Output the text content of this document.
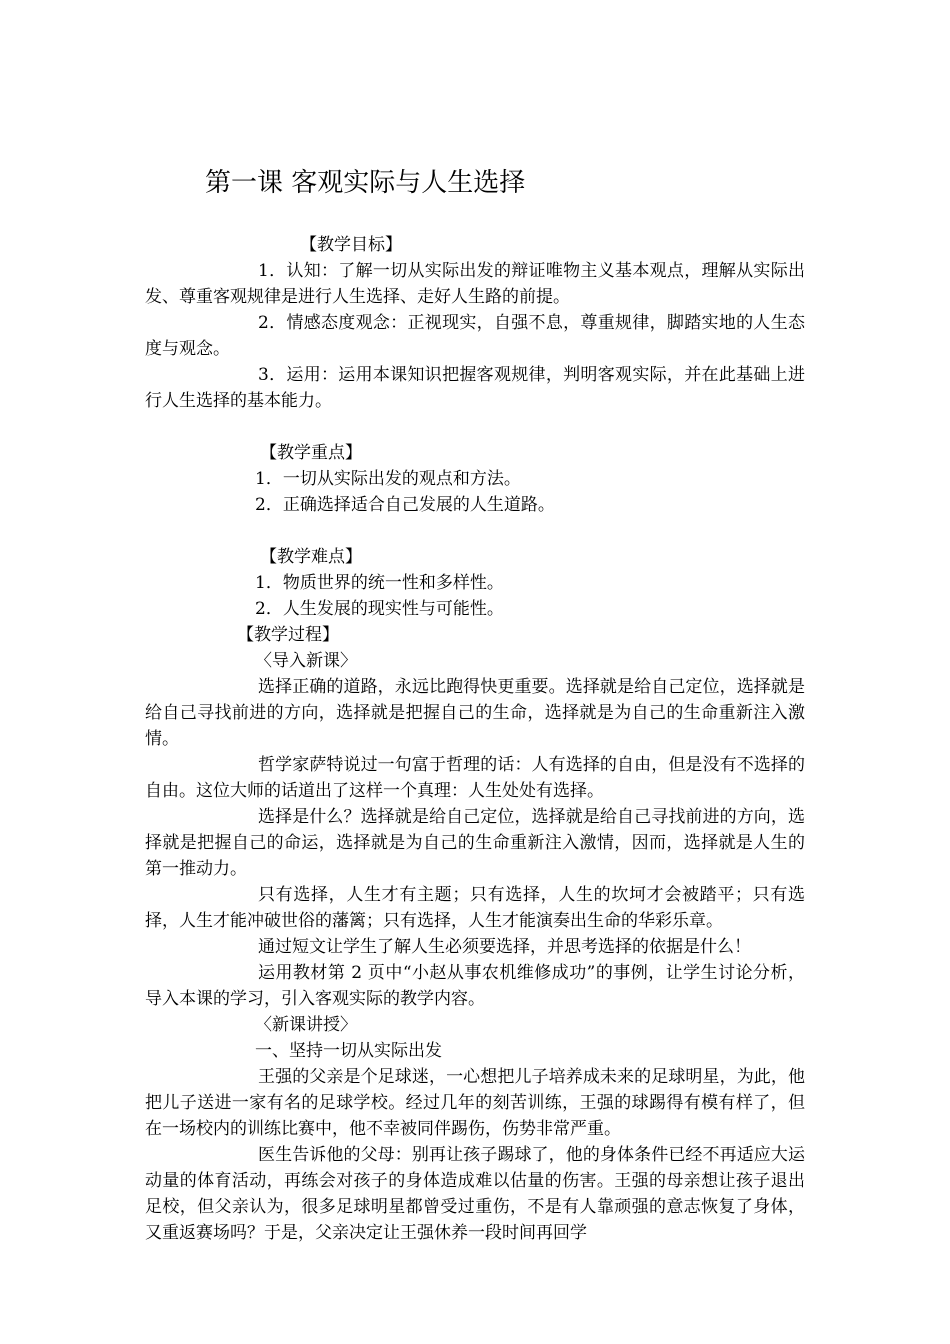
第一课 客观实际与人生选择

【教学目标】

1．认知：了解一切从实际出发的辩证唯物主义基本观点，理解从实际出发、尊重客观规律是进行人生选择、走好人生路的前提。

2．情感态度观念：正视现实，自强不息，尊重规律，脚踏实地的人生态度与观念。

3．运用：运用本课知识把握客观规律，判明客观实际，并在此基础上进行人生选择的基本能力。

【教学重点】

1．一切从实际出发的观点和方法。

2．正确选择适合自己发展的人生道路。

【教学难点】

1．物质世界的统一性和多样性。

2．人生发展的现实性与可能性。

【教学过程】

〈导入新课〉

选择正确的道路，永远比跑得快更重要。选择就是给自己定位，选择就是给自己寻找前进的方向，选择就是把握自己的生命，选择就是为自己的生命重新注入激情。

哲学家萨特说过一句富于哲理的话：人有选择的自由，但是没有不选择的自由。这位大师的话道出了这样一个真理：人生处处有选择。

选择是什么？选择就是给自己定位，选择就是给自己寻找前进的方向，选择就是把握自己的命运，选择就是为自己的生命重新注入激情，因而，选择就是人生的第一推动力。

只有选择，人生才有主题；只有选择，人生的坎坷才会被踏平；只有选择，人生才能冲破世俗的藩篱；只有选择，人生才能演奏出生命的华彩乐章。

通过短文让学生了解人生必须要选择，并思考选择的依据是什么！

运用教材第 2 页中“小赵从事农机维修成功”的事例，让学生讨论分析，导入本课的学习，引入客观实际的教学内容。

〈新课讲授〉

一、坚持一切从实际出发

王强的父亲是个足球迷，一心想把儿子培养成未来的足球明星，为此，他把儿子送进一家有名的足球学校。经过几年的刻苦训练，王强的球踢得有模有样了，但在一场校内的训练比赛中，他不幸被同伴踢伤，伤势非常严重。

医生告诉他的父母：别再让孩子踢球了，他的身体条件已经不再适应大运动量的体育活动，再练会对孩子的身体造成难以估量的伤害。王强的母亲想让孩子退出足校，但父亲认为，很多足球明星都曾受过重伤，不是有人靠顽强的意志恢复了身体，又重返赛场吗？于是，父亲决定让王强休养一段时间再回学
